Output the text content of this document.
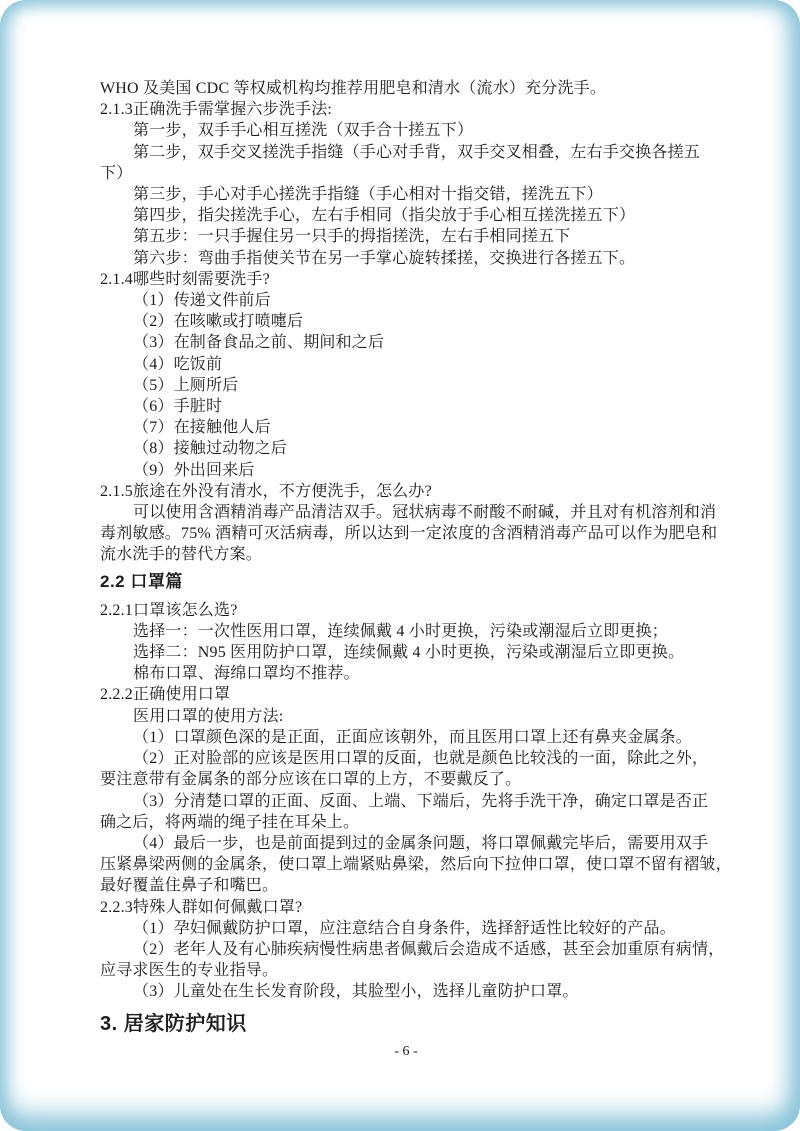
WHO 及美国 CDC 等权威机构均推荐用肥皂和清水（流水）充分洗手。
2.1.3正确洗手需掌握六步洗手法:
第一步，双手手心相互搓洗（双手合十搓五下）
第二步，双手交叉搓洗手指缝（手心对手背，双手交叉相叠，左右手交换各搓五
下）
第三步，手心对手心搓洗手指缝（手心相对十指交错，搓洗五下）
第四步，指尖搓洗手心，左右手相同（指尖放于手心相互搓洗搓五下）
第五步：一只手握住另一只手的拇指搓洗，左右手相同搓五下
第六步：弯曲手指使关节在另一手掌心旋转揉搓，交换进行各搓五下。
2.1.4哪些时刻需要洗手?
（1）传递文件前后
（2）在咳嗽或打喷嚏后
（3）在制备食品之前、期间和之后
（4）吃饭前
（5）上厕所后
（6）手脏时
（7）在接触他人后
（8）接触过动物之后
（9）外出回来后
2.1.5旅途在外没有清水，不方便洗手，怎么办?
可以使用含酒精消毒产品清洁双手。冠状病毒不耐酸不耐碱，并且对有机溶剂和消
毒剂敏感。75% 酒精可灭活病毒，所以达到一定浓度的含酒精消毒产品可以作为肥皂和
流水洗手的替代方案。
2.2 口罩篇
2.2.1口罩该怎么选?
选择一：一次性医用口罩，连续佩戴 4 小时更换，污染或潮湿后立即更换；
选择二：N95 医用防护口罩，连续佩戴 4 小时更换，污染或潮湿后立即更换。
棉布口罩、海绵口罩均不推荐。
2.2.2正确使用口罩
医用口罩的使用方法:
（1）口罩颜色深的是正面，正面应该朝外，而且医用口罩上还有鼻夹金属条。
（2）正对脸部的应该是医用口罩的反面，也就是颜色比较浅的一面，除此之外，
要注意带有金属条的部分应该在口罩的上方，不要戴反了。
（3）分清楚口罩的正面、反面、上端、下端后，先将手洗干净，确定口罩是否正
确之后，将两端的绳子挂在耳朵上。
（4）最后一步，也是前面提到过的金属条问题，将口罩佩戴完毕后，需要用双手
压紧鼻梁两侧的金属条，使口罩上端紧贴鼻梁，然后向下拉伸口罩，使口罩不留有褶皱，
最好覆盖住鼻子和嘴巴。
2.2.3特殊人群如何佩戴口罩?
（1）孕妇佩戴防护口罩，应注意结合自身条件，选择舒适性比较好的产品。
（2）老年人及有心肺疾病慢性病患者佩戴后会造成不适感，甚至会加重原有病情，
应寻求医生的专业指导。
（3）儿童处在生长发育阶段，其脸型小，选择儿童防护口罩。
3. 居家防护知识
- 6 -
